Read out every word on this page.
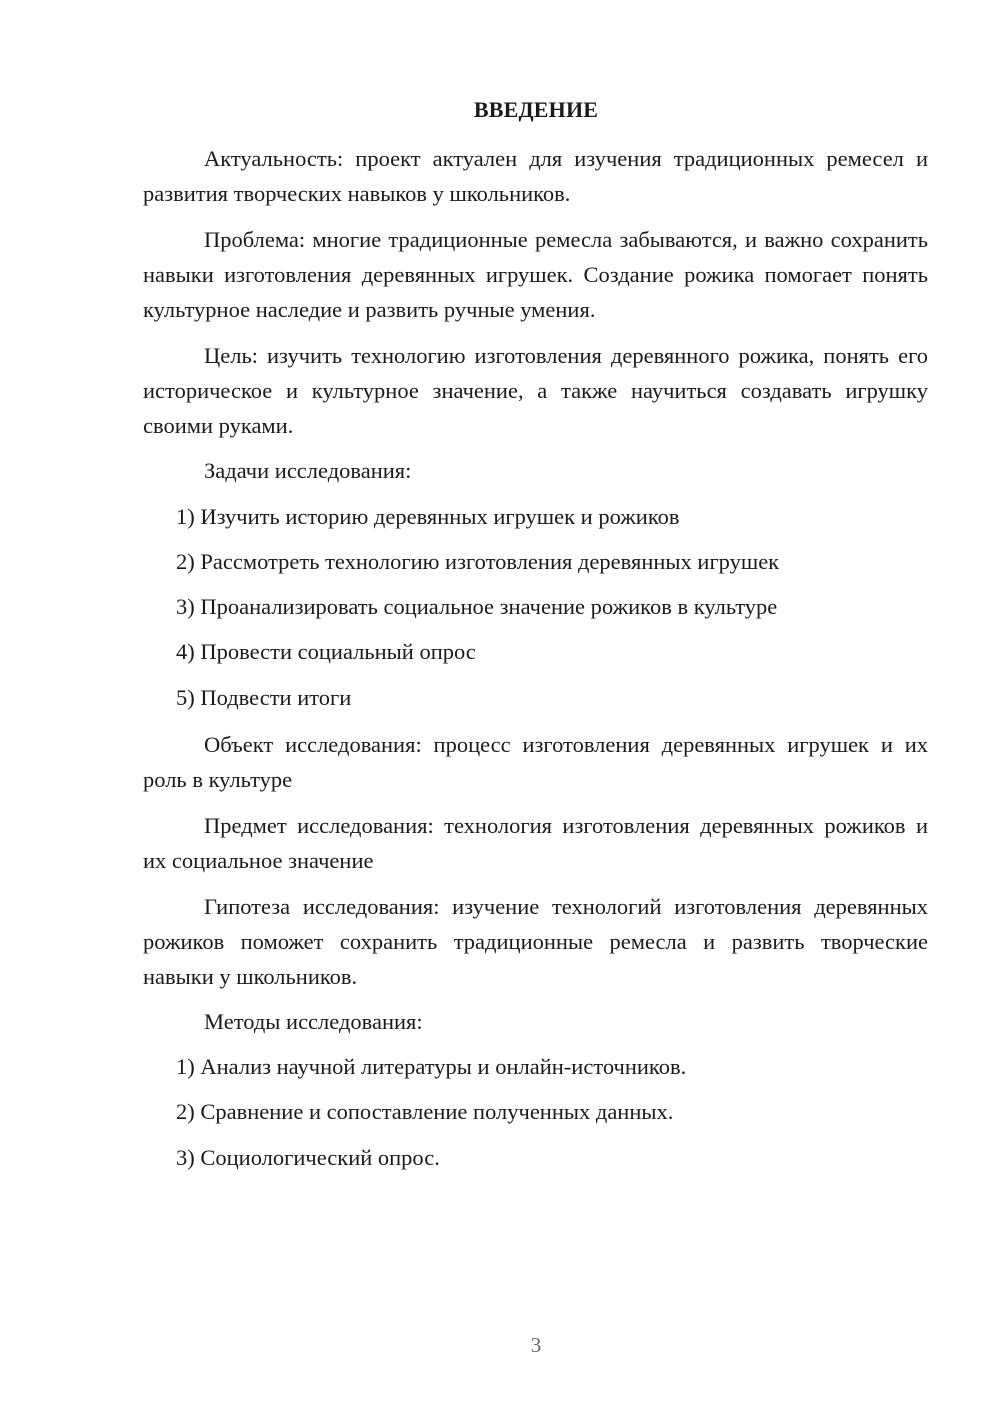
ВВЕДЕНИЕ

Актуальность: проект актуален для изучения традиционных ремесел и развития творческих навыков у школьников.

Проблема: многие традиционные ремесла забываются, и важно сохранить навыки изготовления деревянных игрушек. Создание рожика помогает понять культурное наследие и развить ручные умения.

Цель: изучить технологию изготовления деревянного рожика, понять его историческое и культурное значение, а также научиться создавать игрушку своими руками.

Задачи исследования:

1) Изучить историю деревянных игрушек и рожиков

2) Рассмотреть технологию изготовления деревянных игрушек

3) Проанализировать социальное значение рожиков в культуре

4) Провести социальный опрос

5) Подвести итоги

Объект исследования: процесс изготовления деревянных игрушек и их роль в культуре

Предмет исследования: технология изготовления деревянных рожиков и их социальное значение

Гипотеза исследования: изучение технологий изготовления деревянных рожиков поможет сохранить традиционные ремесла и развить творческие навыки у школьников.

Методы исследования:

1) Анализ научной литературы и онлайн-источников.

2) Сравнение и сопоставление полученных данных.

3) Социологический опрос.

3
